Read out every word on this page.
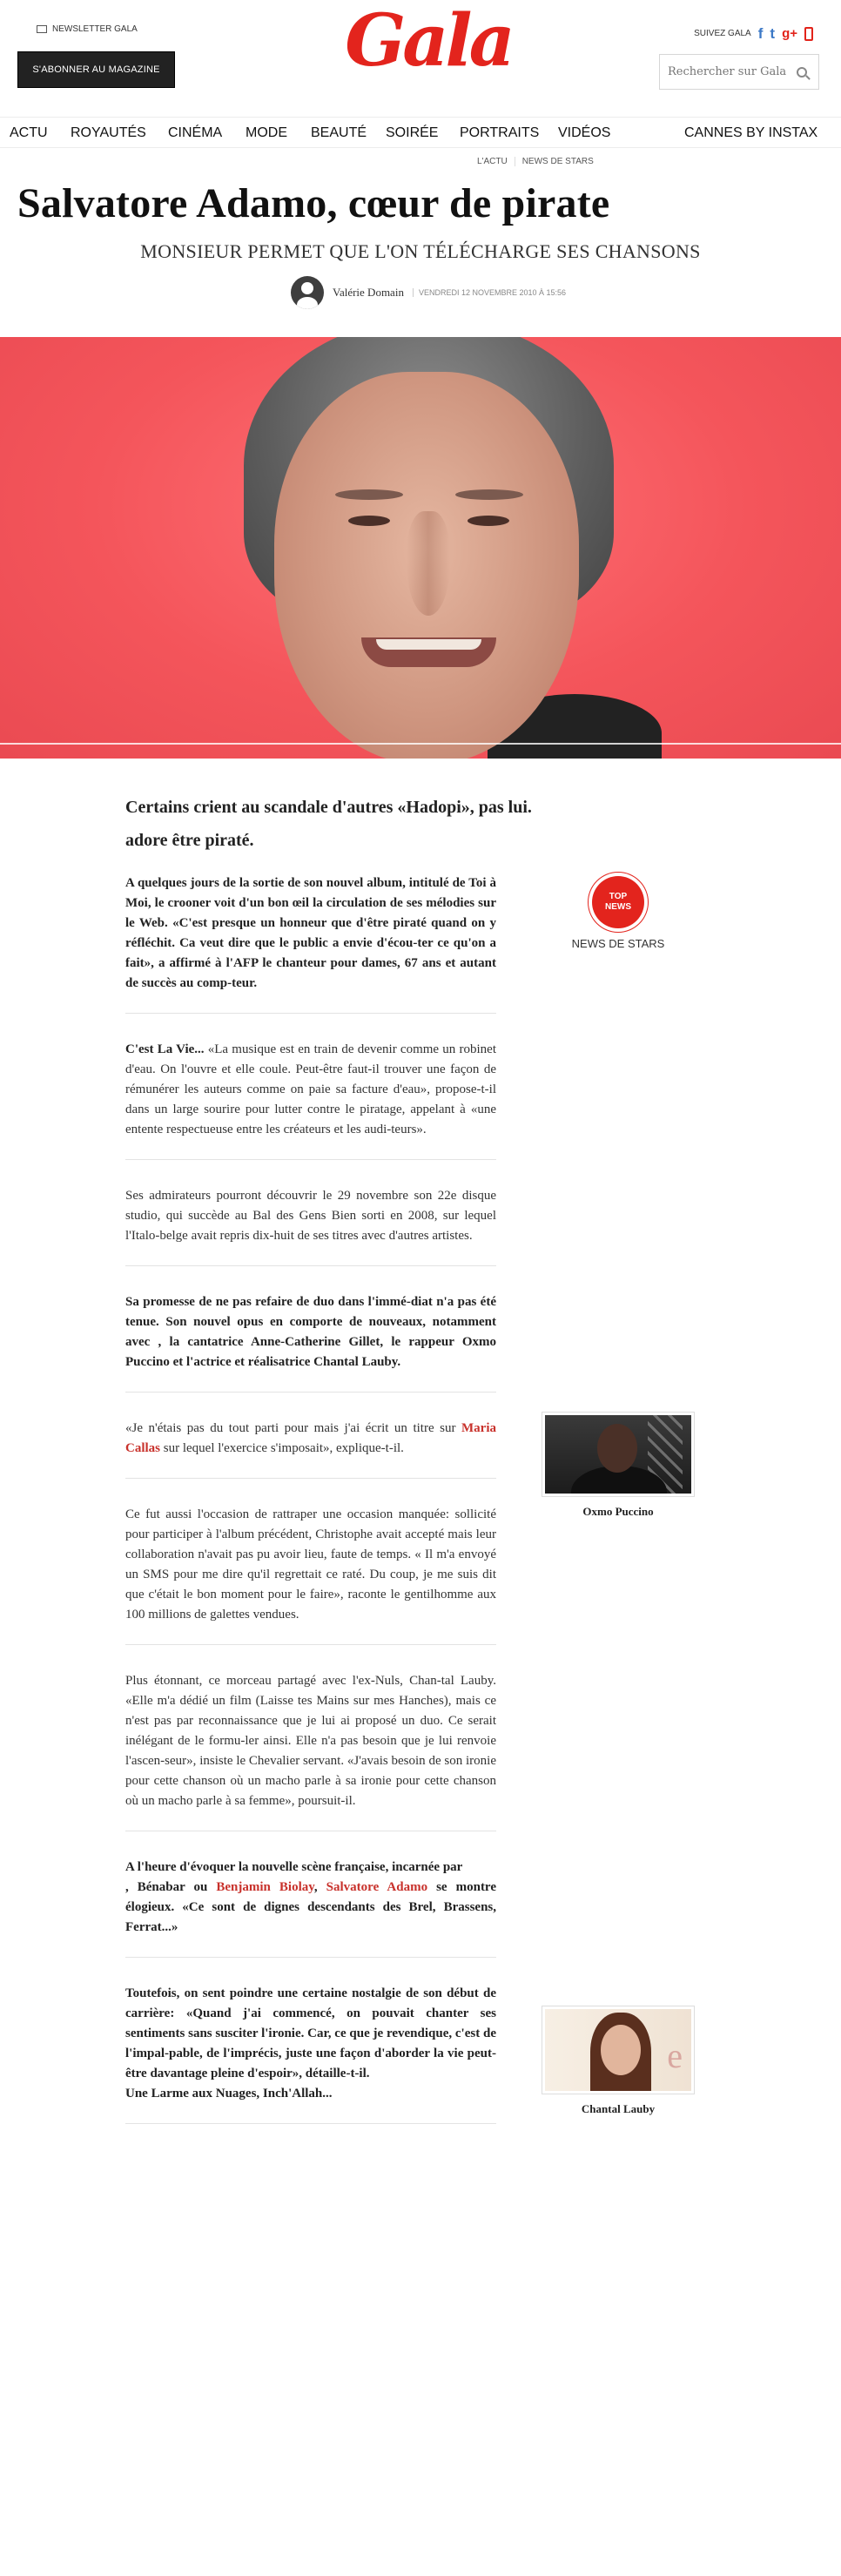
NEWSLETTER GALA
S'ABONNER AU MAGAZINE	Gala	SUIVEZ GALA f t g+
Rechercher sur Gala
ACTU ROYAUTÉS CINÉMA MODE BEAUTÉ SOIRÉE PORTRAITS VIDÉOS	CANNES BY INSTAX
L'ACTU	NEWS DE STARS
Salvatore Adamo, cœur de pirate
MONSIEUR PERMET QUE L'ON TÉLÉCHARGE SES CHANSONS
Valérie Domain	VENDREDI 12 NOVEMBRE 2010 À 15:56
Certains crient au scandale d'autres «Hadopi», pas lui.
adore être piraté.

A quelques jours de la sortie de son nouvel album, intitulé de Toi à Moi, le crooner voit d'un bon œil la circulation de ses mélodies sur le Web. «C'est presque un honneur que d'être piraté quand on y réfléchit. Ca veut dire que le public a envie d'écou-ter ce qu'on a fait», a affirmé à l'AFP le chanteur pour dames, 67 ans et autant de succès au comp-teur.

C'est La Vie... «La musique est en train de devenir comme un robinet d'eau. On l'ouvre et elle coule. Peut-être faut-il trouver une façon de rémunérer les auteurs comme on paie sa facture d'eau», propose-t-il dans un large sourire pour lutter contre le piratage, appelant à «une entente respectueuse entre les créateurs et les audi-teurs».

Ses admirateurs pourront découvrir le 29 novembre son 22e disque studio, qui succède au Bal des Gens Bien sorti en 2008, sur lequel l'Italo-belge avait repris dix-huit de ses titres avec d'autres artistes.

Sa promesse de ne pas refaire de duo dans l'immé-diat n'a pas été tenue. Son nouvel opus en comporte de nouveaux, notamment avec , la cantatrice Anne-Catherine Gillet, le rappeur Oxmo Puccino et l'actrice et réalisatrice Chantal Lauby.

«Je n'étais pas du tout parti pour mais j'ai écrit un titre sur Maria Callas sur lequel l'exercice s'imposait», explique-t-il.

Ce fut aussi l'occasion de rattraper une occasion manquée: sollicité pour participer à l'album précédent, Christophe avait accepté mais leur collaboration n'avait pas pu avoir lieu, faute de temps. « Il m'a envoyé un SMS pour me dire qu'il regrettait ce raté. Du coup, je me suis dit que c'était le bon moment pour le faire», raconte le gentilhomme aux 100 millions de galettes vendues.

Plus étonnant, ce morceau partagé avec l'ex-Nuls, Chan-tal Lauby. «Elle m'a dédié un film (Laisse tes Mains sur mes Hanches), mais ce n'est pas par reconnaissance que je lui ai proposé un duo. Ce serait inélégant de le formu-ler ainsi. Elle n'a pas besoin que je lui renvoie l'ascen-seur», insiste le Chevalier servant. «J'avais besoin de son ironie pour cette chanson où un macho parle à sa ironie pour cette chanson où un macho parle à sa femme», poursuit-il.

A l'heure d'évoquer la nouvelle scène française, incarnée par
, Bénabar ou Benjamin Biolay, Salvatore Adamo se montre élogieux. «Ce sont de dignes descendants des Brel, Brassens, Ferrat...»

Toutefois, on sent poindre une certaine nostalgie de son début de carrière: «Quand j'ai commencé, on pouvait chanter ses sentiments sans susciter l'ironie. Car, ce que je revendique, c'est de l'impal-pable, de l'imprécis, juste une façon d'aborder la vie peut-être davantage pleine d'espoir», détaille-t-il.
Une Larme aux Nuages, Inch'Allah...

TOP
NEWS
NEWS DE STARS
Oxmo Puccino
e
Chantal Lauby
